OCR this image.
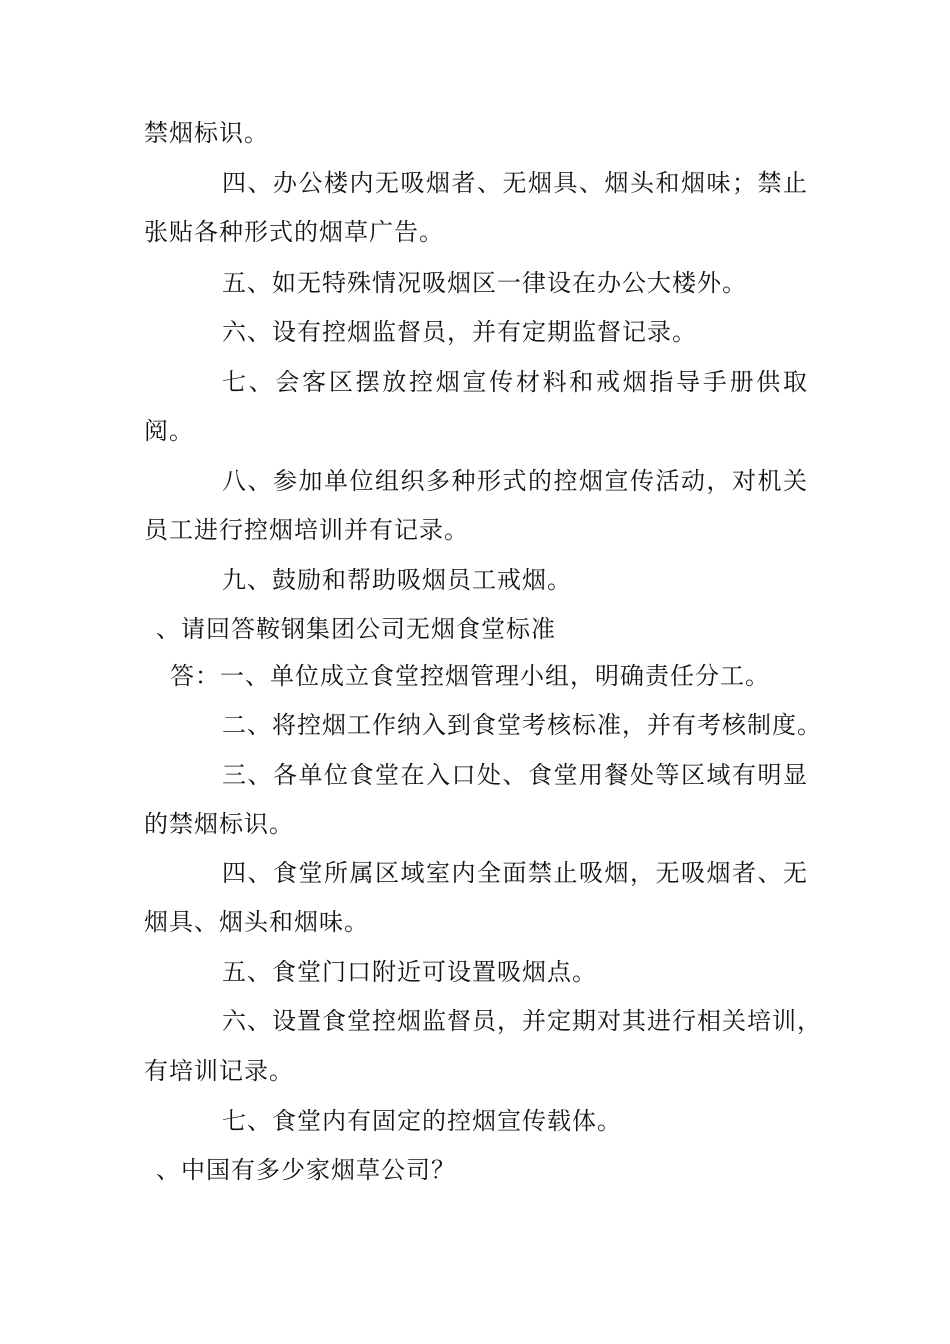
禁烟标识。
四、办公楼内无吸烟者、无烟具、烟头和烟味；禁止
张贴各种形式的烟草广告。
五、如无特殊情况吸烟区一律设在办公大楼外。
六、设有控烟监督员，并有定期监督记录。
七、会客区摆放控烟宣传材料和戒烟指导手册供取
阅。
八、参加单位组织多种形式的控烟宣传活动，对机关
员工进行控烟培训并有记录。
九、鼓励和帮助吸烟员工戒烟。
、请回答鞍钢集团公司无烟食堂标准
答：一、单位成立食堂控烟管理小组，明确责任分工。
二、将控烟工作纳入到食堂考核标准，并有考核制度。
三、各单位食堂在入口处、食堂用餐处等区域有明显
的禁烟标识。
四、食堂所属区域室内全面禁止吸烟，无吸烟者、无
烟具、烟头和烟味。
五、食堂门口附近可设置吸烟点。
六、设置食堂控烟监督员，并定期对其进行相关培训，
有培训记录。
七、食堂内有固定的控烟宣传载体。
、中国有多少家烟草公司？
